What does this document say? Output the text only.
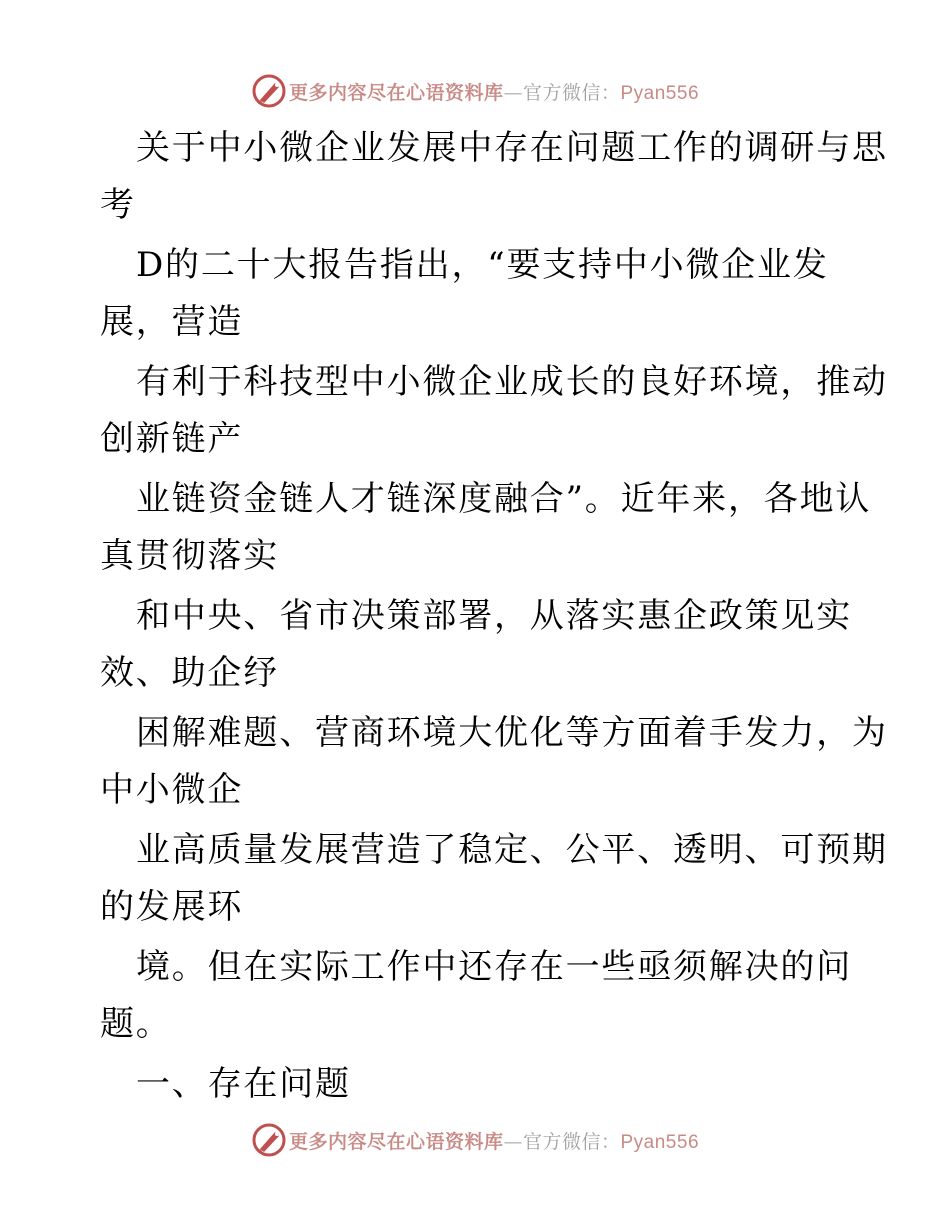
更多内容尽在心语资料库—官方微信：Pyan556
关于中小微企业发展中存在问题工作的调研与思
考
D的二十大报告指出，“要支持中小微企业发
展，营造
有利于科技型中小微企业成长的良好环境，推动
创新链产
业链资金链人才链深度融合”。近年来，各地认
真贯彻落实
和中央、省市决策部署，从落实惠企政策见实
效、助企纾
困解难题、营商环境大优化等方面着手发力，为
中小微企
业高质量发展营造了稳定、公平、透明、可预期
的发展环
境。但在实际工作中还存在一些亟须解决的问
题。
一、存在问题
更多内容尽在心语资料库—官方微信：Pyan556
